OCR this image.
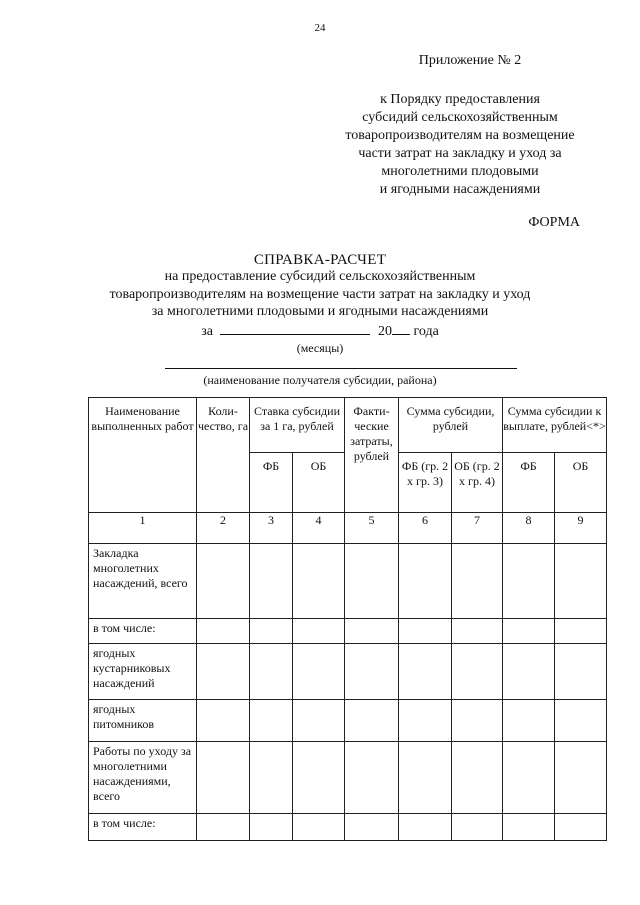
24
Приложение № 2
к Порядку предоставления
субсидий сельскохозяйственным
товаропроизводителям на возмещение
части затрат на закладку и уход за
многолетними плодовыми
и ягодными насаждениями
ФОРМА
СПРАВКА-РАСЧЕТ
на предоставление субсидий сельскохозяйственным
товаропроизводителям на возмещение части затрат на закладку и уход
за многолетними плодовыми и ягодными насаждениями
за	20 года
(месяцы)
(наименование получателя субсидии, района)
Наименование выполненных работ	Коли-чество, га	Ставка субсидии за 1 га, рублей		Факти-ческие затраты, рублей	Сумма субсидии, рублей		Сумма субсидии к выплате, рублей<*>	
		ФБ	ОБ		ФБ (гр. 2 х гр. 3)	ОБ (гр. 2 х гр. 4)	ФБ	ОБ
1	2	3	4	5	6	7	8	9
Закладка многолетних насаждений, всего								
в том числе:								
ягодных кустарниковых насаждений								
ягодных питомников								
Работы по уходу за многолетними насаждениями, всего								
в том числе:								
